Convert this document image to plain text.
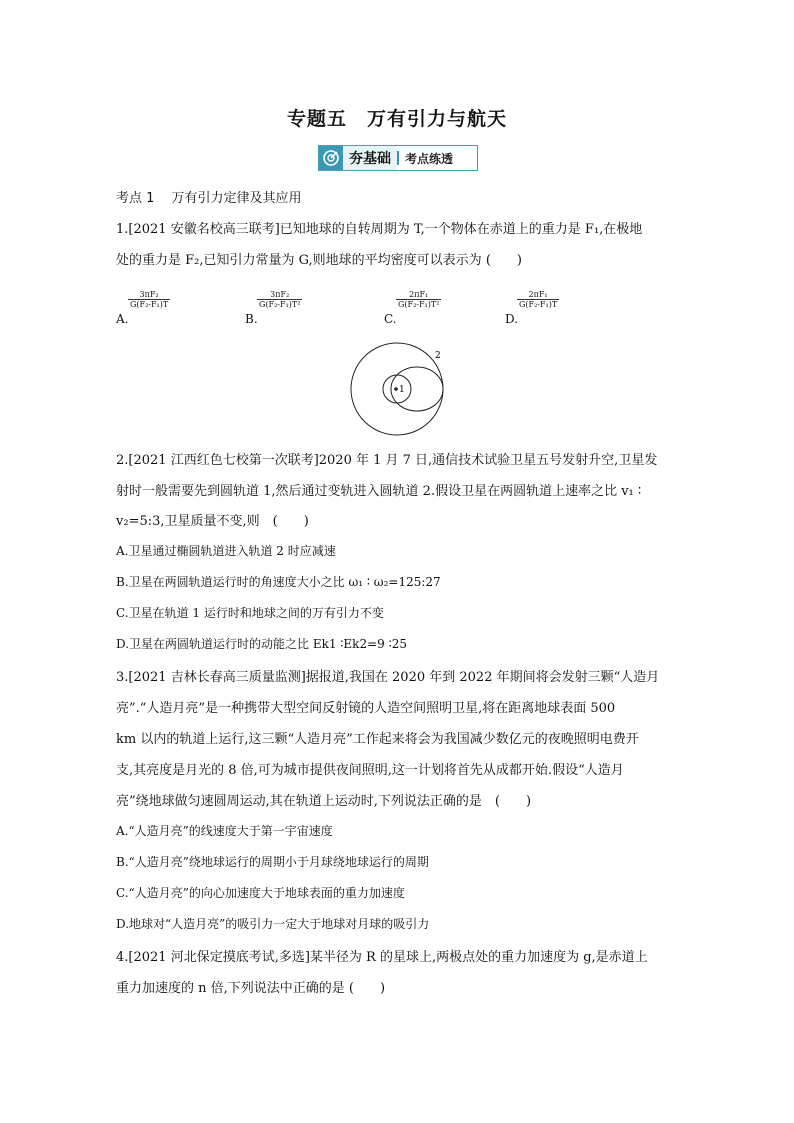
专题五　万有引力与航天
夯基础	考点练透
考点 1　 万有引力定律及其应用
1.[2021 安徽名校高三联考]已知地球的自转周期为 T,一个物体在赤道上的重力是 F₁,在极地
处的重力是 F₂,已知引力常量为 G,则地球的平均密度可以表示为 (　　)
A.
$\frac{\text{3πF₂}}{\text{G(F₂-F₁)T}}$
B.
$\frac{\text{3πF₂}}{\text{G(F₂-F₁)T²}}$
C.
$\frac{\text{2πF₁}}{\text{G(F₂-F₁)T²}}$
D.
$\frac{\text{2πF₁}}{\text{G(F₂-F₁)T}}$
1
2
2.[2021 江西红色七校第一次联考]2020 年 1 月 7 日,通信技术试验卫星五号发射升空,卫星发
射时一般需要先到圆轨道 1,然后通过变轨进入圆轨道 2.假设卫星在两圆轨道上速率之比 v₁ ∶
v₂=5:3,卫星质量不变,则　(　　)
A.卫星通过椭圆轨道进入轨道 2 时应减速
B.卫星在两圆轨道运行时的角速度大小之比 ω₁ ∶ ω₂=125:27
C.卫星在轨道 1 运行时和地球之间的万有引力不变
D.卫星在两圆轨道运行时的动能之比 Ek1 ∶Ek2=9 ∶25
3.[2021 吉林长春高三质量监测]据报道,我国在 2020 年到 2022 年期间将会发射三颗“人造月
亮”.“人造月亮”是一种携带大型空间反射镜的人造空间照明卫星,将在距离地球表面 500
km 以内的轨道上运行,这三颗“人造月亮”工作起来将会为我国减少数亿元的夜晚照明电费开
支,其亮度是月光的 8 倍,可为城市提供夜间照明,这一计划将首先从成都开始.假设“人造月
亮”绕地球做匀速圆周运动,其在轨道上运动时,下列说法正确的是　(　　)
A.“人造月亮”的线速度大于第一宇宙速度
B.“人造月亮”绕地球运行的周期小于月球绕地球运行的周期
C.“人造月亮”的向心加速度大于地球表面的重力加速度
D.地球对“人造月亮”的吸引力一定大于地球对月球的吸引力
4.[2021 河北保定摸底考试,多选]某半径为 R 的星球上,两极点处的重力加速度为 g,是赤道上
重力加速度的 n 倍,下列说法中正确的是 (　　)
